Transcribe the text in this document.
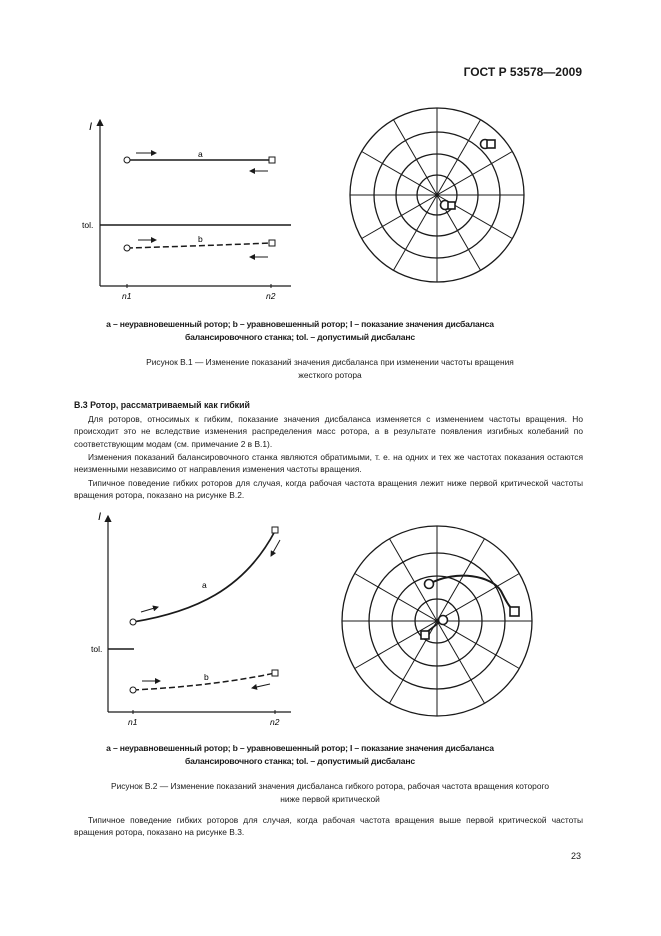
ГОСТ Р 53578—2009
I
tol.
a
b
n1	n2
a – неуравновешенный ротор; b – уравновешенный ротор; I – показание значения дисбаланса
балансировочного станка; tol. – допустимый дисбаланс
Рисунок В.1 — Изменение показаний значения дисбаланса при изменении частоты вращения
жесткого ротора
В.3 Ротор, рассматриваемый как гибкий
Для роторов, относимых к гибким, показание значения дисбаланса изменяется с изменением частоты вращения. Но происходит это не вследствие изменения распределения масс ротора, а в результате появления изгибных колебаний по соответствующим модам (см. примечание 2 в В.1).
Изменения показаний балансировочного станка являются обратимыми, т. е. на одних и тех же частотах показания остаются неизменными независимо от направления изменения частоты вращения.
Типичное поведение гибких роторов для случая, когда рабочая частота вращения лежит ниже первой критической частоты вращения ротора, показано на рисунке В.2.
I
tol.
a
b
n1	n2
a – неуравновешенный ротор; b – уравновешенный ротор; I – показание значения дисбаланса
балансировочного станка; tol. – допустимый дисбаланс
Рисунок В.2 — Изменение показаний значения дисбаланса гибкого ротора, рабочая частота вращения которого
ниже первой критической
Типичное поведение гибких роторов для случая, когда рабочая частота вращения выше первой критической частоты вращения ротора, показано на рисунке В.3.
23
